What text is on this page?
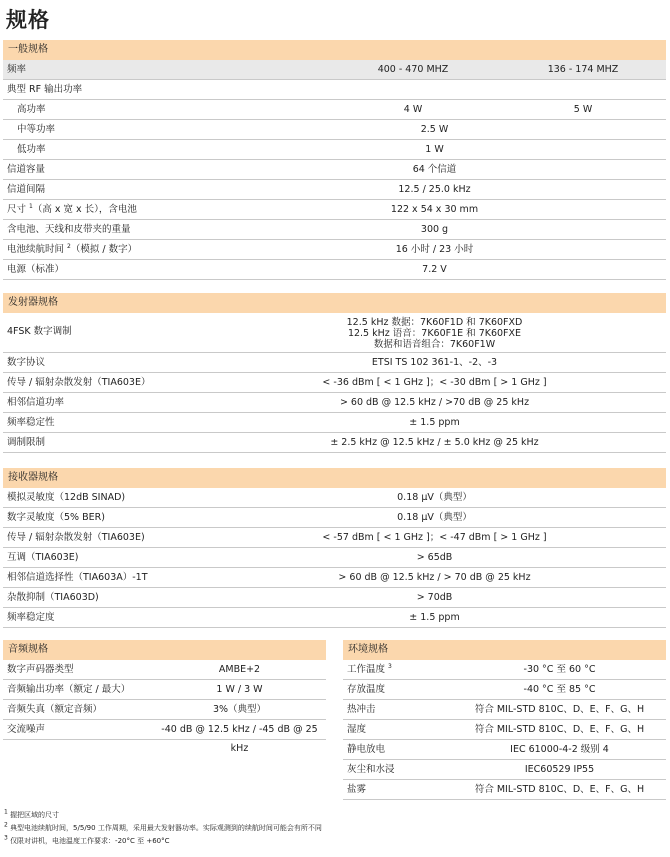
规格
一般规格
频率	400 - 470 MHZ	136 - 174 MHZ
典型 RF 输出功率
高功率	4 W	5 W
中等功率	2.5 W
低功率	1 W
信道容量	64 个信道
信道间隔	12.5 / 25.0 kHz
尺寸 $^1$（高 x 宽 x 长），含电池	122 x 54 x 30 mm
含电池、天线和皮带夹的重量	300 g
电池续航时间 $^2$（模拟 / 数字）	16 小时 / 23 小时
电源（标准）	7.2 V
发射器规格
4FSK 数字调制
12.5 kHz 数据：7K60F1D 和 7K60FXD
12.5 kHz 语音：7K60F1E 和 7K60FXE
数据和语音组合：7K60F1W
数字协议	ETSI TS 102 361-1、-2、-3
传导 / 辐射杂散发射（TIA603E）	< -36 dBm [ < 1 GHz ]；< -30 dBm [ > 1 GHz ]
相邻信道功率	> 60 dB @ 12.5 kHz / >70 dB @ 25 kHz
频率稳定性	± 1.5 ppm
调制限制	± 2.5 kHz @ 12.5 kHz / ± 5.0 kHz @ 25 kHz
接收器规格
模拟灵敏度（12dB SINAD)	0.18 μV（典型）
数字灵敏度（5% BER)	0.18 μV（典型）
传导 / 辐射杂散发射（TIA603E)	< -57 dBm [ < 1 GHz ]；< -47 dBm [ > 1 GHz ]
互调（TIA603E)	> 65dB
相邻信道选择性（TIA603A）-1T	> 60 dB @ 12.5 kHz / > 70 dB @ 25 kHz
杂散抑制（TIA603D)	> 70dB
频率稳定度	± 1.5 ppm
音频规格
数字声码器类型	AMBE+2
音频输出功率（额定 / 最大）	1 W / 3 W
音频失真（额定音频）	3%（典型）
交流噪声	-40 dB @ 12.5 kHz / -45 dB @ 25 kHz
环境规格
工作温度 $^3$	-30 °C 至 60 °C
存放温度	-40 °C 至 85 °C
热冲击	符合 MIL-STD 810C、D、E、F、G、H
湿度	符合 MIL-STD 810C、D、E、F、G、H
静电放电	IEC 61000-4-2 级别 4
灰尘和水浸	IEC60529 IP55
盐雾	符合 MIL-STD 810C、D、E、F、G、H
$^1$ 握把区域的尺寸
$^2$ 典型电池续航时间，5/5/90 工作周期，采用最大发射器功率。实际观测到的续航时间可能会有所不同
$^3$ 仅限对讲机，电池温度工作要求：-20°C 至 +60°C
